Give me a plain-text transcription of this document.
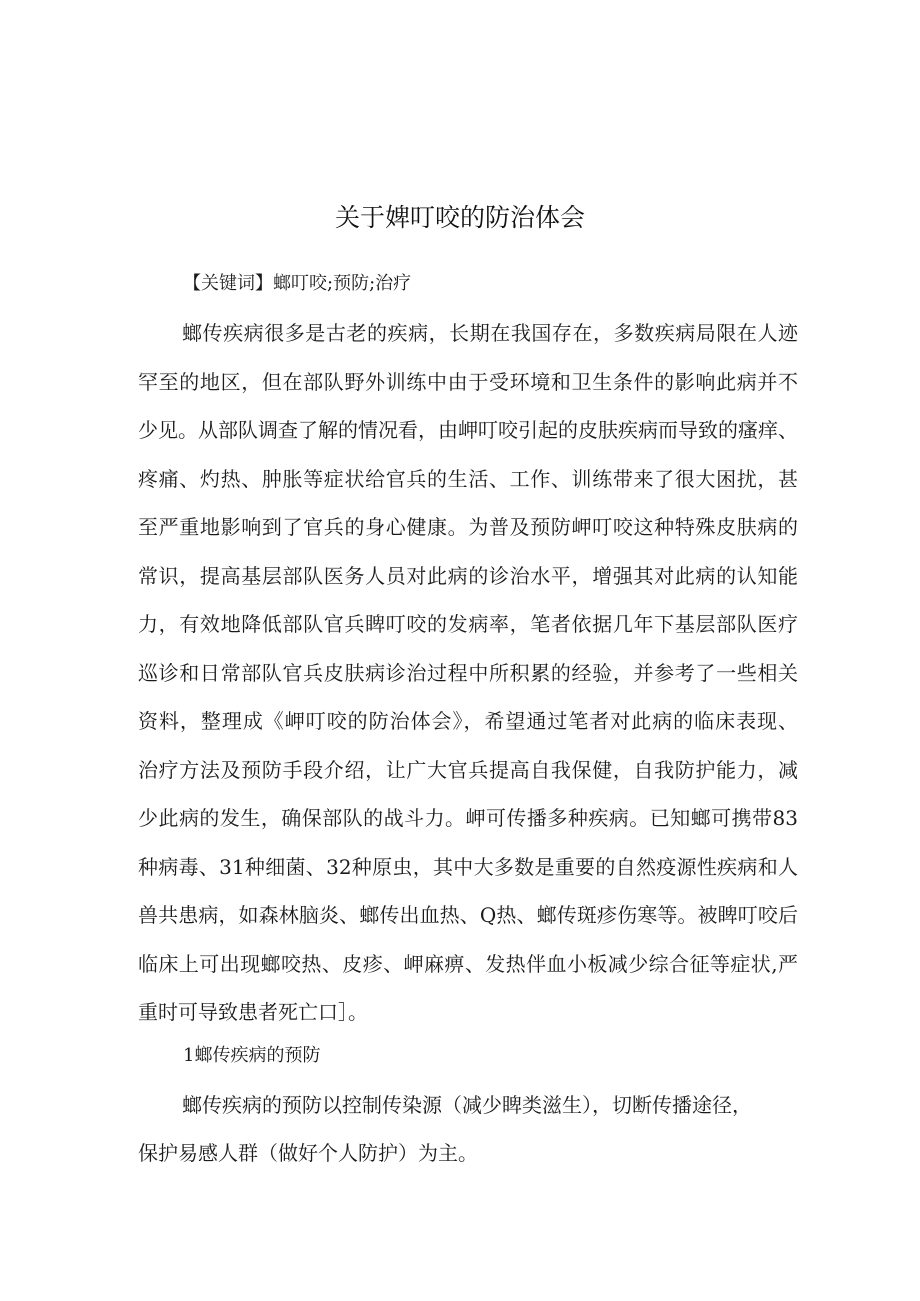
关于婢叮咬的防治体会
【关键词】螂叮咬;预防;治疗
螂传疾病很多是古老的疾病，长期在我国存在，多数疾病局限在人迹
罕至的地区，但在部队野外训练中由于受环境和卫生条件的影响此病并不
少见。从部队调查了解的情况看，由岬叮咬引起的皮肤疾病而导致的瘙痒、
疼痛、灼热、肿胀等症状给官兵的生活、工作、训练带来了很大困扰，甚
至严重地影响到了官兵的身心健康。为普及预防岬叮咬这种特殊皮肤病的
常识，提高基层部队医务人员对此病的诊治水平，增强其对此病的认知能
力，有效地降低部队官兵睥叮咬的发病率，笔者依据几年下基层部队医疗
巡诊和日常部队官兵皮肤病诊治过程中所积累的经验，并参考了一些相关
资料，整理成《岬叮咬的防治体会》，希望通过笔者对此病的临床表现、
治疗方法及预防手段介绍，让广大官兵提高自我保健，自我防护能力，减
少此病的发生，确保部队的战斗力。岬可传播多种疾病。已知螂可携带83
种病毒、31种细菌、32种原虫，其中大多数是重要的自然疫源性疾病和人
兽共患病，如森林脑炎、螂传出血热、Q热、螂传斑疹伤寒等。被睥叮咬后
临床上可出现螂咬热、皮疹、岬麻痹、发热伴血小板减少综合征等症状,严
重时可导致患者死亡口］。
1螂传疾病的预防
螂传疾病的预防以控制传染源（减少睥类滋生），切断传播途径，
保护易感人群（做好个人防护）为主。
